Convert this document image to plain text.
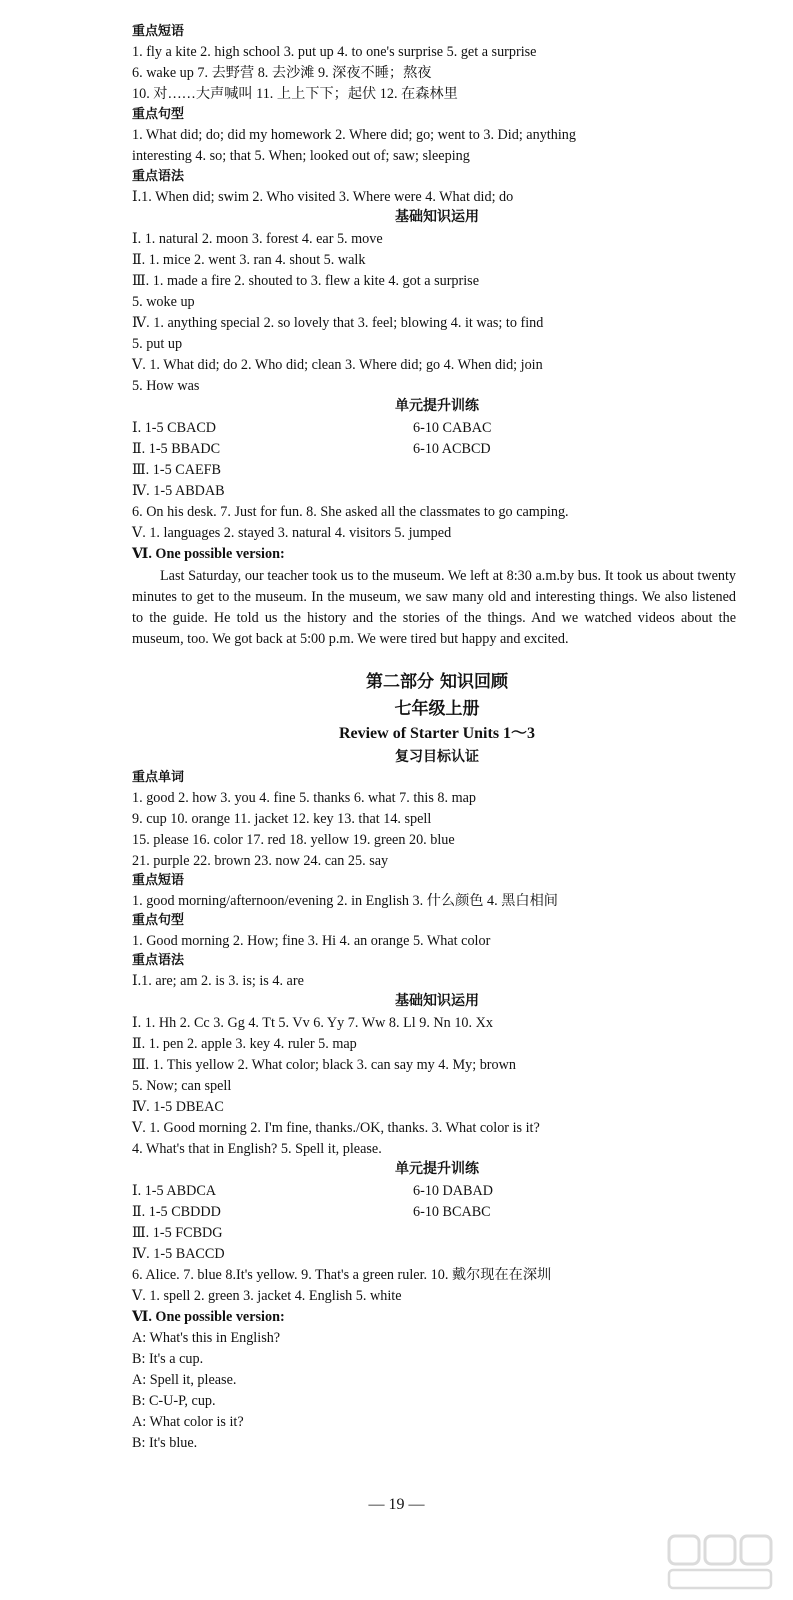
重点短语
1. fly a kite 2. high school 3. put up 4. to one's surprise 5. get a surprise
6. wake up 7. 去野营 8. 去沙滩 9. 深夜不睡；熬夜
10. 对……大声喊叫 11. 上上下下；起伏 12. 在森林里
重点句型
1. What did; do; did my homework 2. Where did; go; went to 3. Did; anything
interesting 4. so; that 5. When; looked out of; saw; sleeping
重点语法
Ⅰ.1. When did; swim 2. Who visited 3. Where were 4. What did; do
基础知识运用
Ⅰ. 1. natural 2. moon 3. forest 4. ear 5. move
Ⅱ. 1. mice 2. went 3. ran 4. shout 5. walk
Ⅲ. 1. made a fire 2. shouted to 3. flew a kite 4. got a surprise
5. woke up
Ⅳ. 1. anything special 2. so lovely that 3. feel; blowing 4. it was; to find
5. put up
Ⅴ. 1. What did; do 2. Who did; clean 3. Where did; go 4. When did; join
5. How was
单元提升训练
Ⅰ. 1-5 CBACD	6-10 CABAC
Ⅱ. 1-5 BBADC	6-10 ACBCD
Ⅲ. 1-5 CAEFB
Ⅳ. 1-5 ABDAB
6. On his desk. 7. Just for fun. 8. She asked all the classmates to go camping.
Ⅴ. 1. languages 2. stayed 3. natural 4. visitors 5. jumped
Ⅵ. One possible version:
Last Saturday, our teacher took us to the museum. We left at 8:30 a.m.by bus. It took us about twenty minutes to get to the museum. In the museum, we saw many old and interesting things. We also listened to the guide. He told us the history and the stories of the things. And we watched videos about the museum, too. We got back at 5:00 p.m. We were tired but happy and excited.
第二部分 知识回顾
七年级上册
Review of Starter Units 1～3
复习目标认证
重点单词
1. good 2. how 3. you 4. fine 5. thanks 6. what 7. this 8. map
9. cup 10. orange 11. jacket 12. key 13. that 14. spell
15. please 16. color 17. red 18. yellow 19. green 20. blue
21. purple 22. brown 23. now 24. can 25. say
重点短语
1. good morning/afternoon/evening 2. in English 3. 什么颜色 4. 黑白相间
重点句型
1. Good morning 2. How; fine 3. Hi 4. an orange 5. What color
重点语法
Ⅰ.1. are; am 2. is 3. is; is 4. are
基础知识运用
Ⅰ. 1. Hh 2. Cc 3. Gg 4. Tt 5. Vv 6. Yy 7. Ww 8. Ll 9. Nn 10. Xx
Ⅱ. 1. pen 2. apple 3. key 4. ruler 5. map
Ⅲ. 1. This yellow 2. What color; black 3. can say my 4. My; brown
5. Now; can spell
Ⅳ. 1-5 DBEAC
Ⅴ. 1. Good morning 2. I'm fine, thanks./OK, thanks. 3. What color is it?
4. What's that in English? 5. Spell it, please.
单元提升训练
Ⅰ. 1-5 ABDCA	6-10 DABAD
Ⅱ. 1-5 CBDDD	6-10 BCABC
Ⅲ. 1-5 FCBDG
Ⅳ. 1-5 BACCD
6. Alice. 7. blue 8.It's yellow. 9. That's a green ruler. 10. 戴尔现在在深圳
Ⅴ. 1. spell 2. green 3. jacket 4. English 5. white
Ⅵ. One possible version:
A: What's this in English?
B: It's a cup.
A: Spell it, please.
B: C-U-P, cup.
A: What color is it?
B: It's blue.
— 19 —
